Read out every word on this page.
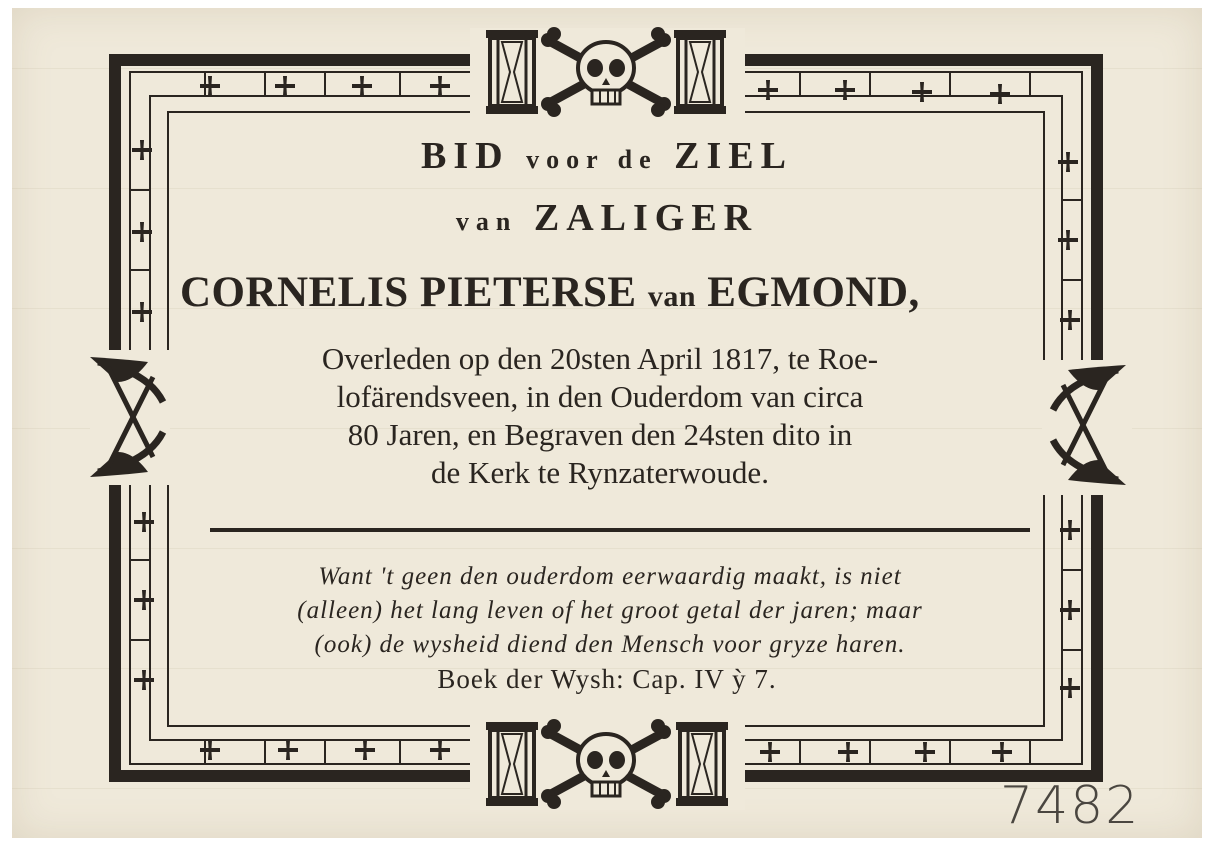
BID voor de ZIEL
van ZALIGER
CORNELIS PIETERSE van EGMOND,
Overleden op den 20sten April 1817, te Roe-
lofärendsveen, in den Ouderdom van circa
80 Jaren, en Begraven den 24sten dito in
de Kerk te Rynzaterwoude.
Want 't geen den ouderdom eerwaardig maakt, is niet
(alleen) het lang leven of het groot getal der jaren; maar
(ook) de wysheid diend den Mensch voor gryze haren.
Boek der Wysh: Cap. IV ỳ 7.
7482
